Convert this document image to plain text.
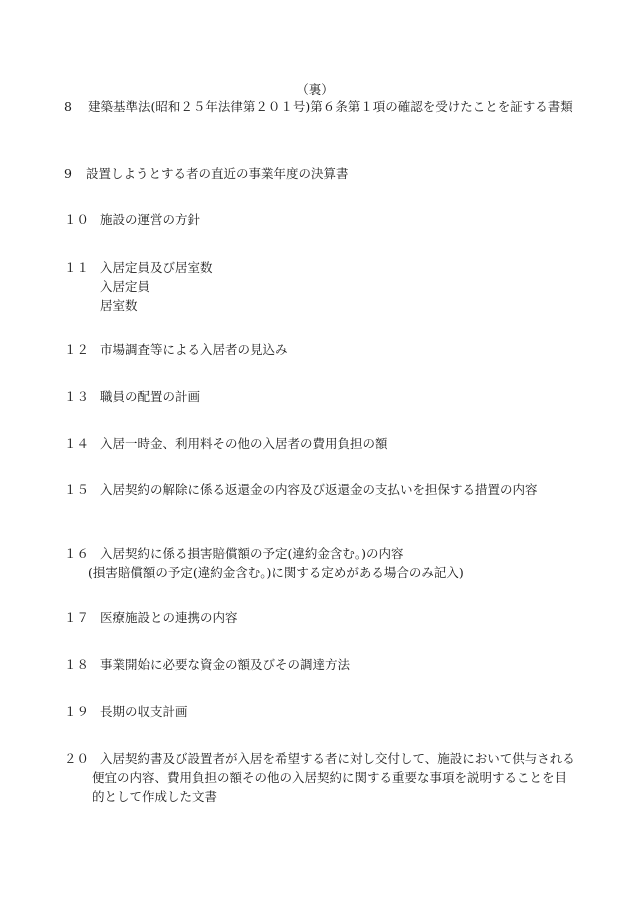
（裏）
8 建築基準法(昭和２５年法律第２０１号)第６条第１項の確認を受けたことを証する書類

9 設置しようとする者の直近の事業年度の決算書

１０ 施設の運営の方針

１１ 入居定員及び居室数

入居定員

居室数

１２ 市場調査等による入居者の見込み

１３ 職員の配置の計画

１４ 入居一時金、利用料その他の入居者の費用負担の額

１５ 入居契約の解除に係る返還金の内容及び返還金の支払いを担保する措置の内容

１６ 入居契約に係る損害賠償額の予定(違約金含む。)の内容

(損害賠償額の予定(違約金含む。)に関する定めがある場合のみ記入)

１７ 医療施設との連携の内容

１８ 事業開始に必要な資金の額及びその調達方法

１９ 長期の収支計画

２０ 入居契約書及び設置者が入居を希望する者に対し交付して、施設において供与される便宜の内容、費用負担の額その他の入居契約に関する重要な事項を説明することを目的として作成した文書
